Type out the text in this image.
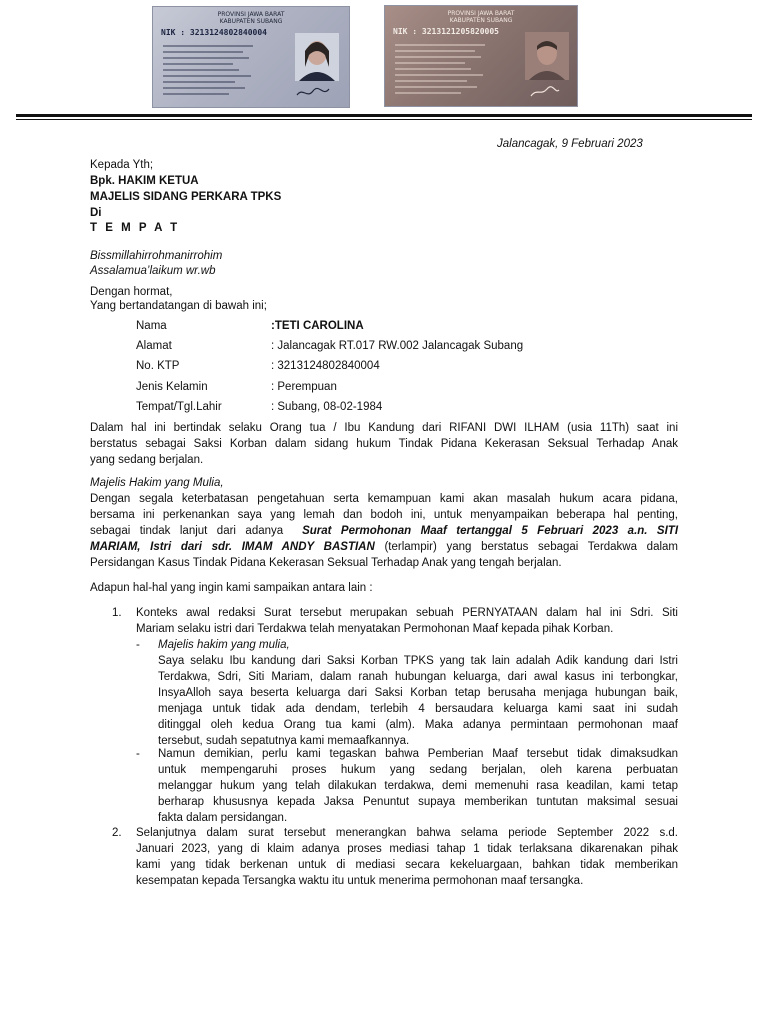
PROVINSI JAWA BARAT
KABUPATEN SUBANG
NIK : 3213124802840004
PROVINSI JAWA BARAT
KABUPATEN SUBANG
NIK : 3213121205820005
Jalancagak, 9 Februari 2023
Kepada Yth;
Bpk. HAKIM KETUA
MAJELIS SIDANG PERKARA TPKS
Di
T E M P A T
Bissmillahirrohmanirrohim
Assalamua’laikum wr.wb
Dengan hormat,
Yang bertandatangan di bawah ini;
Nama	:TETI CAROLINA
Alamat	: Jalancagak RT.017 RW.002 Jalancagak Subang
No. KTP	: 3213124802840004
Jenis Kelamin	: Perempuan
Tempat/Tgl.Lahir	: Subang, 08-02-1984
Dalam hal ini bertindak selaku Orang tua / Ibu Kandung dari RIFANI DWI ILHAM (usia 11Th) saat ini
berstatus sebagai Saksi Korban dalam sidang hukum Tindak Pidana Kekerasan Seksual Terhadap Anak
yang sedang berjalan.
Majelis Hakim yang Mulia,
Dengan segala keterbatasan pengetahuan serta kemampuan kami akan masalah hukum acara pidana,
bersama ini perkenankan saya yang lemah dan bodoh ini, untuk menyampaikan beberapa hal penting,
sebagai tindak lanjut dari adanya Surat Permohonan Maaf tertanggal 5 Februari 2023 a.n. SITI
MARIAM, Istri dari sdr. IMAM ANDY BASTIAN (terlampir) yang berstatus sebagai Terdakwa dalam
Persidangan Kasus Tindak Pidana Kekerasan Seksual Terhadap Anak yang tengah berjalan.
Adapun hal-hal yang ingin kami sampaikan antara lain :
1. Konteks awal redaksi Surat tersebut merupakan sebuah PERNYATAAN dalam hal ini Sdri. Siti
Mariam selaku istri dari Terdakwa telah menyatakan Permohonan Maaf kepada pihak Korban.
- Majelis hakim yang mulia,
Saya selaku Ibu kandung dari Saksi Korban TPKS yang tak lain adalah Adik kandung dari Istri
Terdakwa, Sdri, Siti Mariam, dalam ranah hubungan keluarga, dari awal kasus ini terbongkar,
InsyaAlloh saya beserta keluarga dari Saksi Korban tetap berusaha menjaga hubungan baik,
menjaga untuk tidak ada dendam, terlebih 4 bersaudara keluarga kami saat ini sudah
ditinggal oleh kedua Orang tua kami (alm). Maka adanya permintaan permohonan maaf
tersebut, sudah sepatutnya kami memaafkannya.
- Namun demikian, perlu kami tegaskan bahwa Pemberian Maaf tersebut tidak dimaksudkan
untuk mempengaruhi proses hukum yang sedang berjalan, oleh karena perbuatan
melanggar hukum yang telah dilakukan terdakwa, demi memenuhi rasa keadilan, kami tetap
berharap khususnya kepada Jaksa Penuntut supaya memberikan tuntutan maksimal sesuai
fakta dalam persidangan.
2. Selanjutnya dalam surat tersebut menerangkan bahwa selama periode September 2022 s.d.
Januari 2023, yang di klaim adanya proses mediasi tahap 1 tidak terlaksana dikarenakan pihak
kami yang tidak berkenan untuk di mediasi secara kekeluargaan, bahkan tidak memberikan
kesempatan kepada Tersangka waktu itu untuk menerima permohonan maaf tersangka.
